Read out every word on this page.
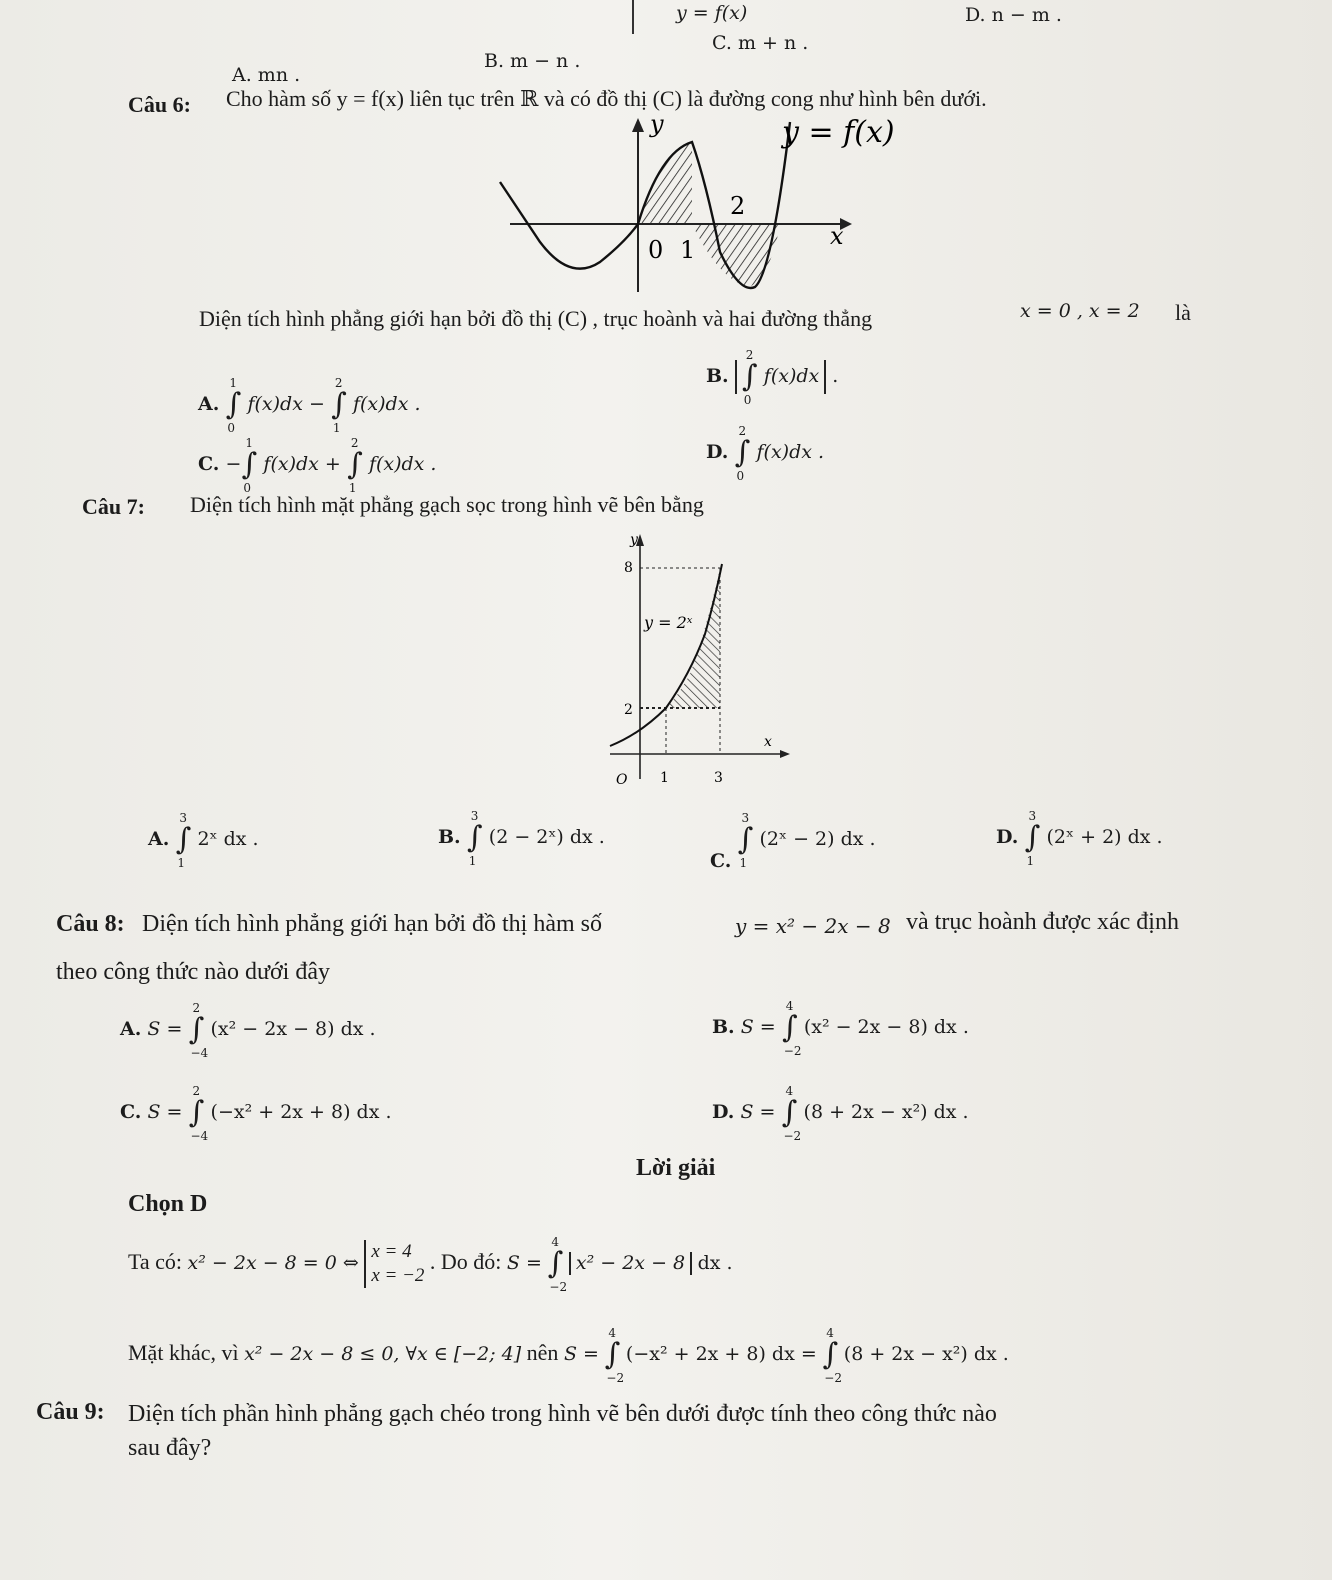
y = f(x)	D. n − m .
C. m + n .
B. m − n .
A. mn .
Câu 6: Cho hàm số y = f(x) liên tục trên ℝ và có đồ thị (C) là đường cong như hình bên dưới.
y	y = f(x)
2
x
0 1
Diện tích hình phẳng giới hạn bởi đồ thị (C) , trục hoành và hai đường thẳng	x = 0 , x = 2 là
A. ∫
1
0
f(x)dx − ∫
2
1
f(x)dx .
B. ∫
2
0
f(x)dx .
C. −∫
1
0
f(x)dx + ∫
2
1
f(x)dx .
D. ∫
2
0
f(x)dx .
Câu 7: Diện tích hình mặt phẳng gạch sọc trong hình vẽ bên bằng
y
8
y = 2ˣ
2
x
O 1	3
A. ∫
3
1
2ˣ dx .	B. ∫
3
1
(2 − 2ˣ) dx .
C. ∫
3
1
(2ˣ − 2) dx .	D. ∫
3
1
(2ˣ + 2) dx .
Câu 8: Diện tích hình phẳng giới hạn bởi đồ thị hàm số	y = x² − 2x − 8 và trục hoành được xác định
theo công thức nào dưới đây
A. S = ∫
2
−4
(x² − 2x − 8) dx .	B. S = ∫
4
−2
(x² − 2x − 8) dx .
C. S = ∫
2
−4
(−x² + 2x + 8) dx .	D. S = ∫
4
−2
(8 + 2x − x²) dx .
Lời giải
Chọn D
Ta có: x² − 2x − 8 = 0 ⇔ x = 4
x = −2 . Do đó: S = ∫
4
−2
x² − 2x − 8 dx .
Mặt khác, vì x² − 2x − 8 ≤ 0, ∀x ∈ [−2; 4] nên S = ∫
4
−2
(−x² + 2x + 8) dx = ∫
4
−2
(8 + 2x − x²) dx .
Câu 9: Diện tích phần hình phẳng gạch chéo trong hình vẽ bên dưới được tính theo công thức nào
sau đây?
